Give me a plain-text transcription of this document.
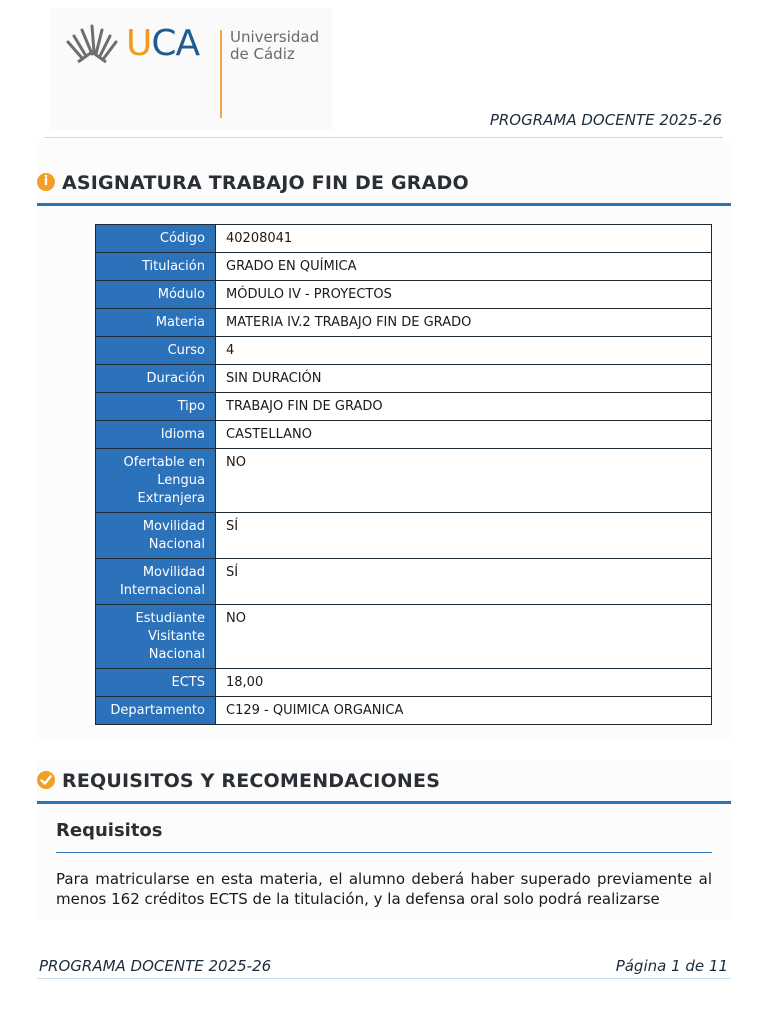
UCA Universidad
de Cádiz
PROGRAMA DOCENTE 2025-26
i ASIGNATURA TRABAJO FIN DE GRADO
Código	40208041
Titulación	GRADO EN QUÍMICA
Módulo	MÓDULO IV - PROYECTOS
Materia	MATERIA IV.2 TRABAJO FIN DE GRADO
Curso	4
Duración	SIN DURACIÓN
Tipo	TRABAJO FIN DE GRADO
Idioma	CASTELLANO
Ofertable en Lengua Extranjera	NO
Movilidad Nacional	SÍ
Movilidad Internacional	SÍ
Estudiante Visitante Nacional	NO
ECTS	18,00
Departamento	C129 - QUIMICA ORGANICA
REQUISITOS Y RECOMENDACIONES
Requisitos
Para matricularse en esta materia, el alumno deberá haber superado previamente al menos 162 créditos ECTS de la titulación, y la defensa oral solo podrá realizarse
PROGRAMA DOCENTE 2025-26	Página 1 de 11
